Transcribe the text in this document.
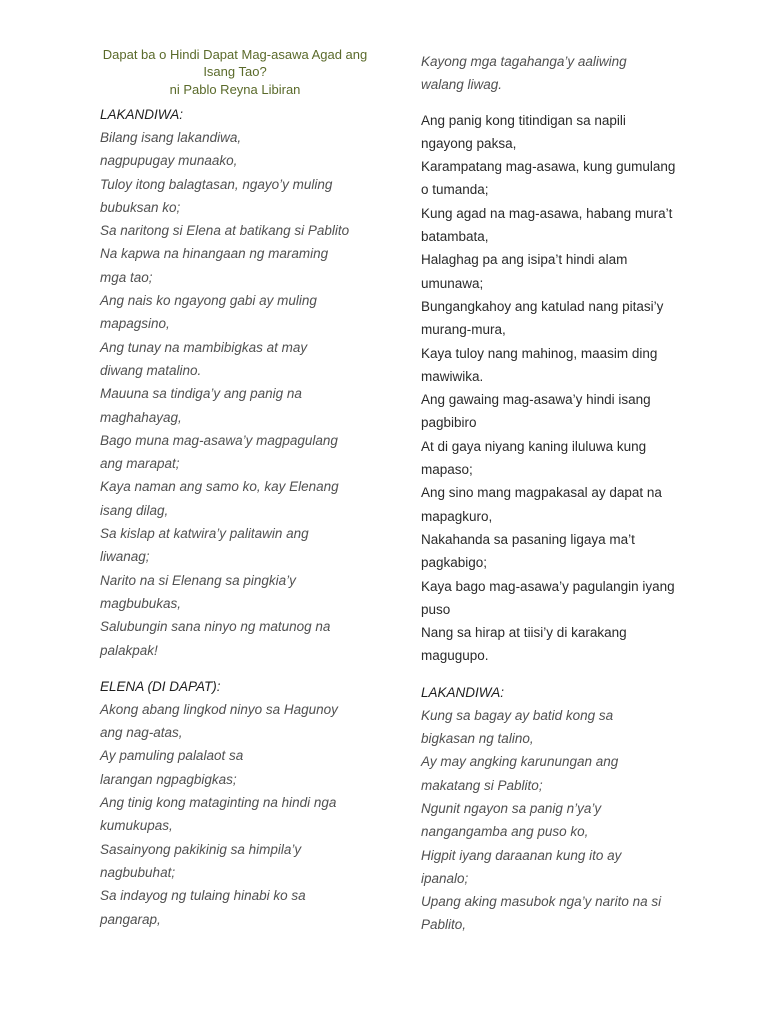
Dapat ba o Hindi Dapat Mag-asawa Agad ang Isang Tao?
ni Pablo Reyna Libiran
LAKANDIWA:
Bilang isang lakandiwa,
nagpupugay munaako,
Tuloy itong balagtasan, ngayo’y muling
bubuksan ko;
Sa naritong si Elena at batikang si Pablito
Na kapwa na hinangaan ng maraming
mga tao;
Ang nais ko ngayong gabi ay muling
mapagsino,
Ang tunay na mambibigkas at may
diwang matalino.
Mauuna sa tindiga’y ang panig na
maghahayag,
Bago muna mag-asawa’y magpagulang
ang marapat;
Kaya naman ang samo ko, kay Elenang
isang dilag,
Sa kislap at katwira’y palitawin ang
liwanag;
Narito na si Elenang sa pingkia’y
magbubukas,
Salubungin sana ninyo ng matunog na
palakpak!
ELENA (DI DAPAT):
Akong abang lingkod ninyo sa Hagunoy
ang nag-atas,
Ay pamuling palalaot sa
larangan ngpagbigkas;
Ang tinig kong mataginting na hindi nga
kumukupas,
Sasainyong pakikinig sa himpila’y
nagbubuhat;
Sa indayog ng tulaing hinabi ko sa
pangarap,
Kayong mga tagahanga’y aaliwing
walang liwag.
Ang panig kong titindigan sa napili
ngayong paksa,
Karampatang mag-asawa, kung gumulang
o tumanda;
Kung agad na mag-asawa, habang mura’t
batambata,
Halaghag pa ang isipa’t hindi alam
umunawa;
Bungangkahoy ang katulad nang pitasi’y
murang-mura,
Kaya tuloy nang mahinog, maasim ding
mawiwika.
Ang gawaing mag-asawa’y hindi isang
pagbibiro
At di gaya niyang kaning iluluwa kung
mapaso;
Ang sino mang magpakasal ay dapat na
mapagkuro,
Nakahanda sa pasaning ligaya ma’t
pagkabigo;
Kaya bago mag-asawa’y pagulangin iyang
puso
Nang sa hirap at tiisi’y di karakang
magugupo.
LAKANDIWA:
Kung sa bagay ay batid kong sa
bigkasan ng talino,
Ay may angking karunungan ang
makatang si Pablito;
Ngunit ngayon sa panig n’ya’y
nangangamba ang puso ko,
Higpit iyang daraanan kung ito ay
ipanalo;
Upang aking masubok nga’y narito na si
Pablito,
